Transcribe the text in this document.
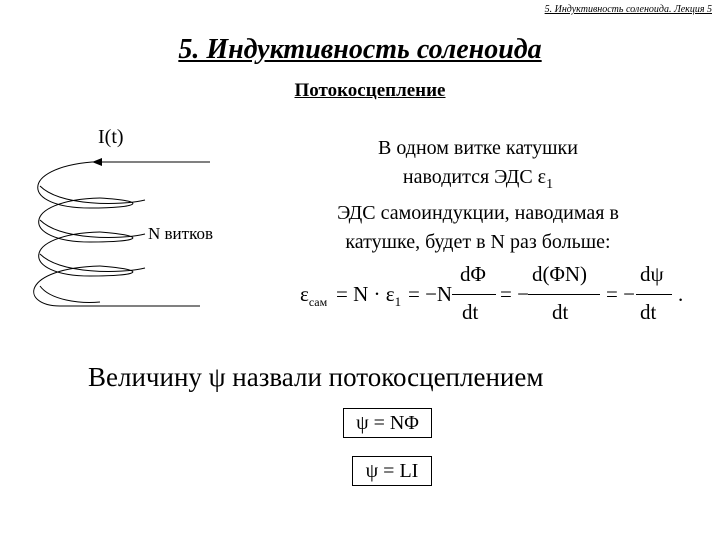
5. Индуктивность соленоида. Лекция 5
5. Индуктивность соленоида
Потокосцепление
I(t)
N витков
В одном витке катушки
наводится ЭДС $\varepsilon_1$
ЭДС самоиндукции, наводимая в
катушке, будет в N раз больше:
$\varepsilon_{сам} = N \cdot \varepsilon_1 = -N$
dΦ
dt
= −
d(ΦN)
dt
= −
dψ
dt
.
Величину ψ назвали потокосцеплением
ψ = NΦ
ψ = LI
